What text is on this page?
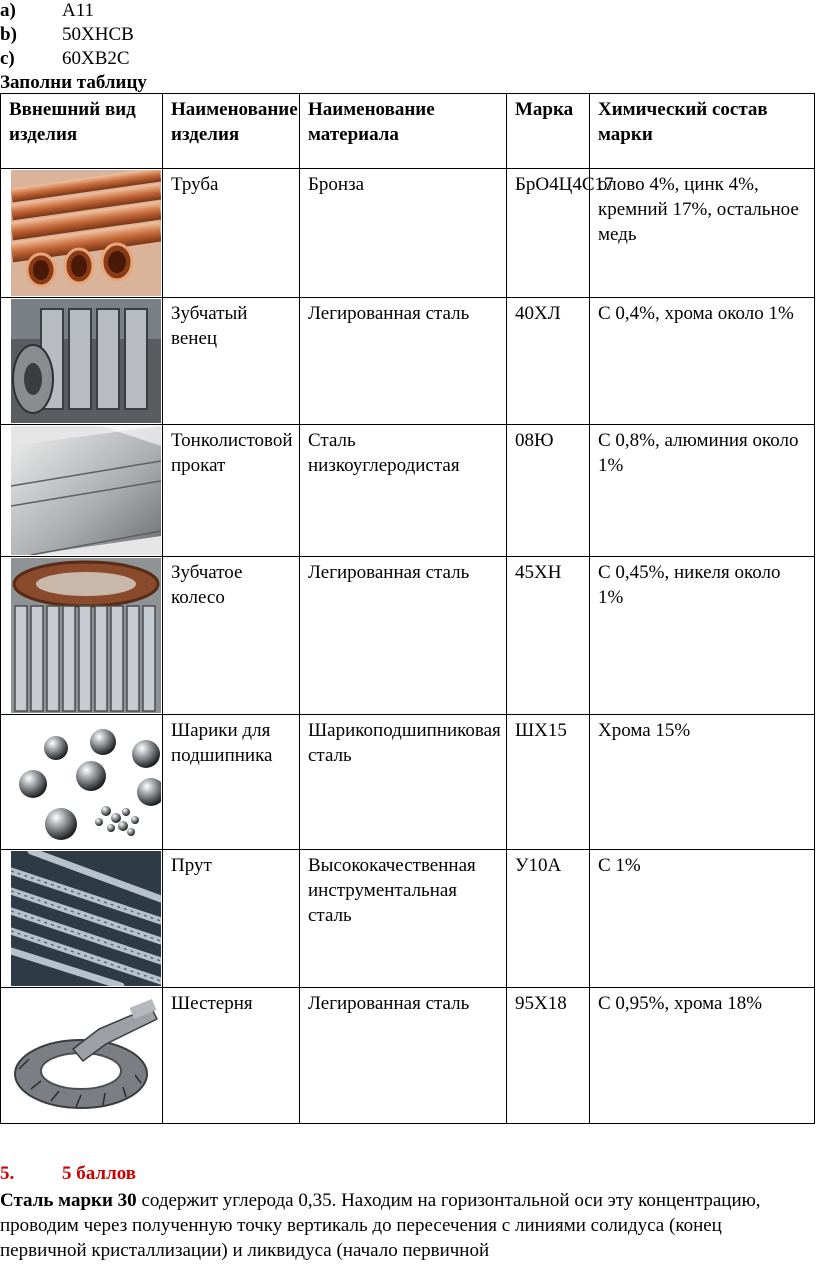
a) А11
b) 50ХНСВ
c) 60ХВ2С
Заполни таблицу
Ввнешний вид изделия	Наименование изделия	Наименование материала	Марка	Химический состав марки

	Труба	Бронза	БрО4Ц4С17	олово 4%, цинк 4%, кремний 17%, остальное медь

	Зубчатый венец	Легированная сталь	40ХЛ	С 0,4%, хрома около 1%

	Тонколистовой прокат	Сталь низкоуглеродистая	08Ю	С 0,8%, алюминия около 1%

	Зубчатое колесо	Легированная сталь	45ХН	С 0,45%, никеля около 1%

	Шарики для подшипника	Шарикоподшипниковая сталь	ШХ15	Хрома 15%

	Прут	Высококачественная инструментальная сталь	У10А	С 1%

	Шестерня	Легированная сталь	95Х18	С 0,95%, хрома 18%
5.	5 баллов
Сталь марки 30 содержит углерода 0,35. Находим на горизонтальной оси эту концентрацию, проводим через полученную точку вертикаль до пересечения с линиями солидуса (конец первичной кристаллизации) и ликвидуса (начало первичной
